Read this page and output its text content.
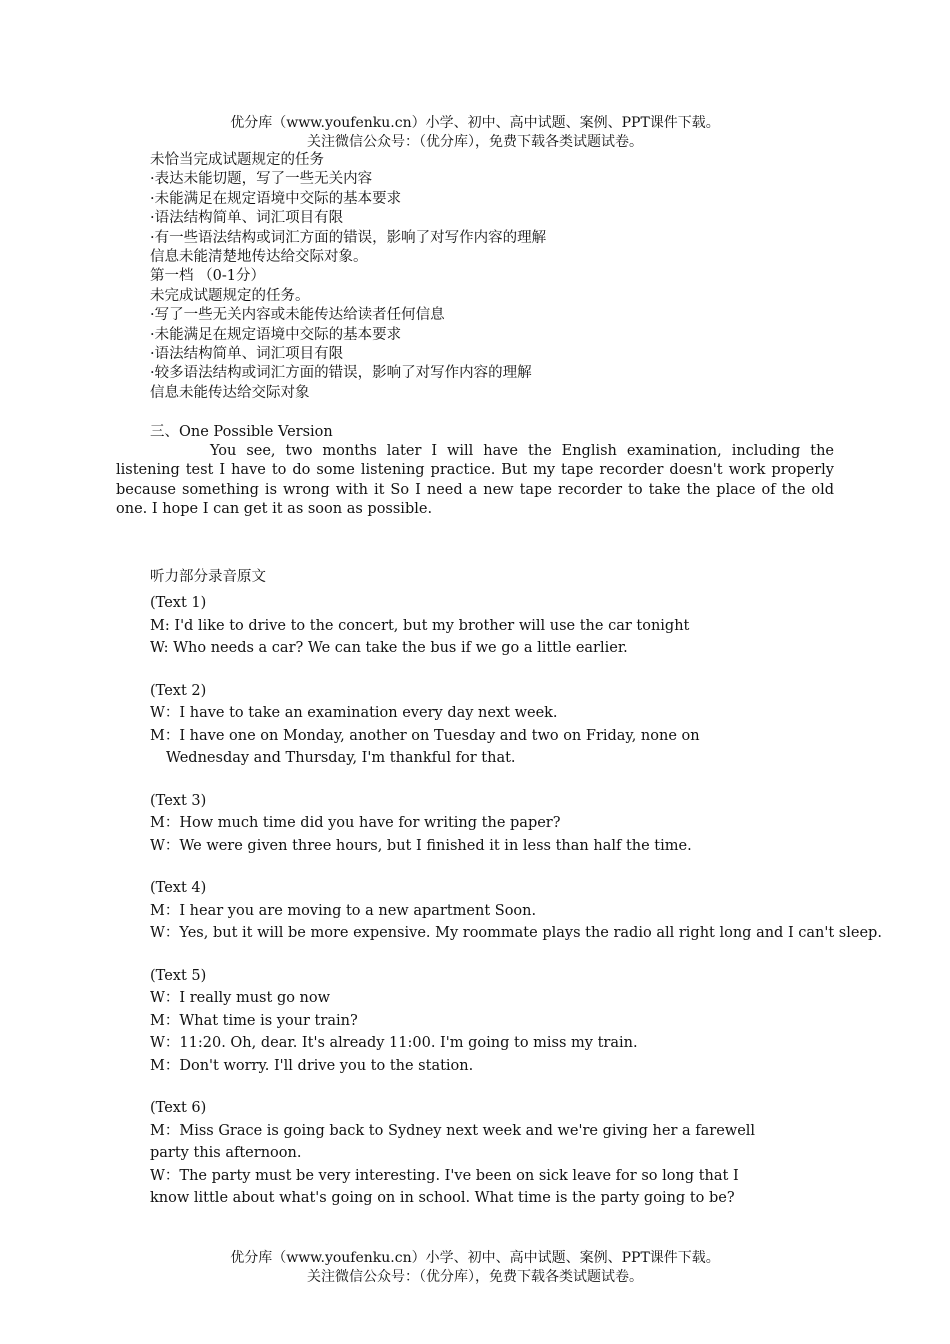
优分库（www.youfenku.cn）小学、初中、高中试题、案例、PPT课件下载。
关注微信公众号：（优分库），免费下载各类试题试卷。
未恰当完成试题规定的任务
·表达未能切题，写了一些无关内容
·未能满足在规定语境中交际的基本要求
·语法结构简单、词汇项目有限
·有一些语法结构或词汇方面的错误，影响了对写作内容的理解
信息未能清楚地传达给交际对象。
第一档 （0-1分）
未完成试题规定的任务。
·写了一些无关内容或未能传达给读者任何信息
·未能满足在规定语境中交际的基本要求
·语法结构简单、词汇项目有限
·较多语法结构或词汇方面的错误，影响了对写作内容的理解
信息未能传达给交际对象
三、One Possible Version
You see, two months later I will have the English examination, including the listening test I have to do some listening practice. But my tape recorder doesn't work properly because something is wrong with it So I need a new tape recorder to take the place of the old one. I hope I can get it as soon as possible.
听力部分录音原文
(Text 1)
M: I'd like to drive to the concert, but my brother will use the car tonight
W: Who needs a car? We can take the bus if we go a little earlier.
(Text 2)
W：I have to take an examination every day next week.
M：I have one on Monday, another on Tuesday and two on Friday, none on
Wednesday and Thursday, I'm thankful for that.
(Text 3)
M：How much time did you have for writing the paper?
W：We were given three hours, but I finished it in less than half the time.
(Text 4)
M：I hear you are moving to a new apartment Soon.
W：Yes, but it will be more expensive. My roommate plays the radio all right long and I can't sleep.
(Text 5)
W：I really must go now
M：What time is your train?
W：11:20. Oh, dear. It's already 11:00. I'm going to miss my train.
M：Don't worry. I'll drive you to the station.
(Text 6)
M：Miss Grace is going back to Sydney next week and we're giving her a farewell
party this afternoon.
W：The party must be very interesting. I've been on sick leave for so long that I
know little about what's going on in school. What time is the party going to be?
优分库（www.youfenku.cn）小学、初中、高中试题、案例、PPT课件下载。
关注微信公众号：（优分库），免费下载各类试题试卷。
